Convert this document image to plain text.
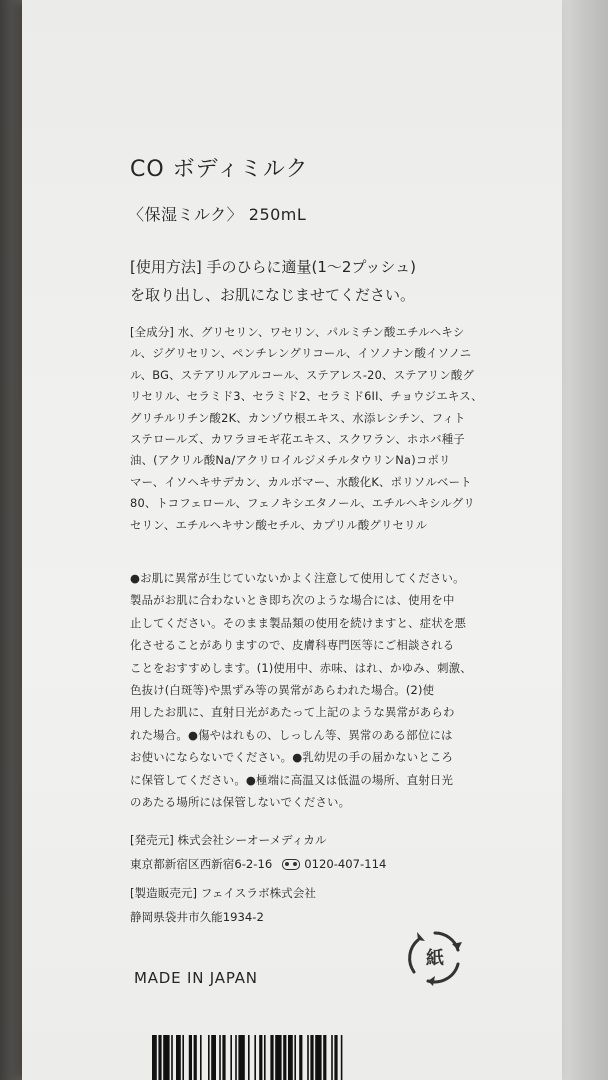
CO ボディミルク
〈保湿ミルク〉 250mL
[使用方法] 手のひらに適量(1〜2プッシュ)
を取り出し、お肌になじませてください。
[全成分] 水、グリセリン、ワセリン、パルミチン酸エチルヘキシ
ル、ジグリセリン、ペンチレングリコール、イソノナン酸イソノニ
ル、BG、ステアリルアルコール、ステアレス-20、ステアリン酸グ
リセリル、セラミド3、セラミド2、セラミド6II、チョウジエキス、
グリチルリチン酸2K、カンゾウ根エキス、水添レシチン、フィト
ステロールズ、カワラヨモギ花エキス、スクワラン、ホホバ種子
油、(アクリル酸Na/アクリロイルジメチルタウリンNa)コポリ
マー、イソヘキサデカン、カルボマー、水酸化K、ポリソルベート
80、トコフェロール、フェノキシエタノール、エチルヘキシルグリ
セリン、エチルヘキサン酸セチル、カプリル酸グリセリル
●お肌に異常が生じていないかよく注意して使用してください。
製品がお肌に合わないとき即ち次のような場合には、使用を中
止してください。そのまま製品類の使用を続けますと、症状を悪
化させることがありますので、皮膚科専門医等にご相談される
ことをおすすめします。(1)使用中、赤味、はれ、かゆみ、刺激、
色抜け(白斑等)や黒ずみ等の異常があらわれた場合。(2)使
用したお肌に、直射日光があたって上記のような異常があらわ
れた場合。●傷やはれもの、しっしん等、異常のある部位には
お使いにならないでください。●乳幼児の手の届かないところ
に保管してください。●極端に高温又は低温の場所、直射日光
のあたる場所には保管しないでください。
[発売元] 株式会社シーオーメディカル
東京都新宿区西新宿6-2-16	0120-407-114
[製造販売元] フェイスラボ株式会社
静岡県袋井市久能1934-2
MADE IN JAPAN
紙
